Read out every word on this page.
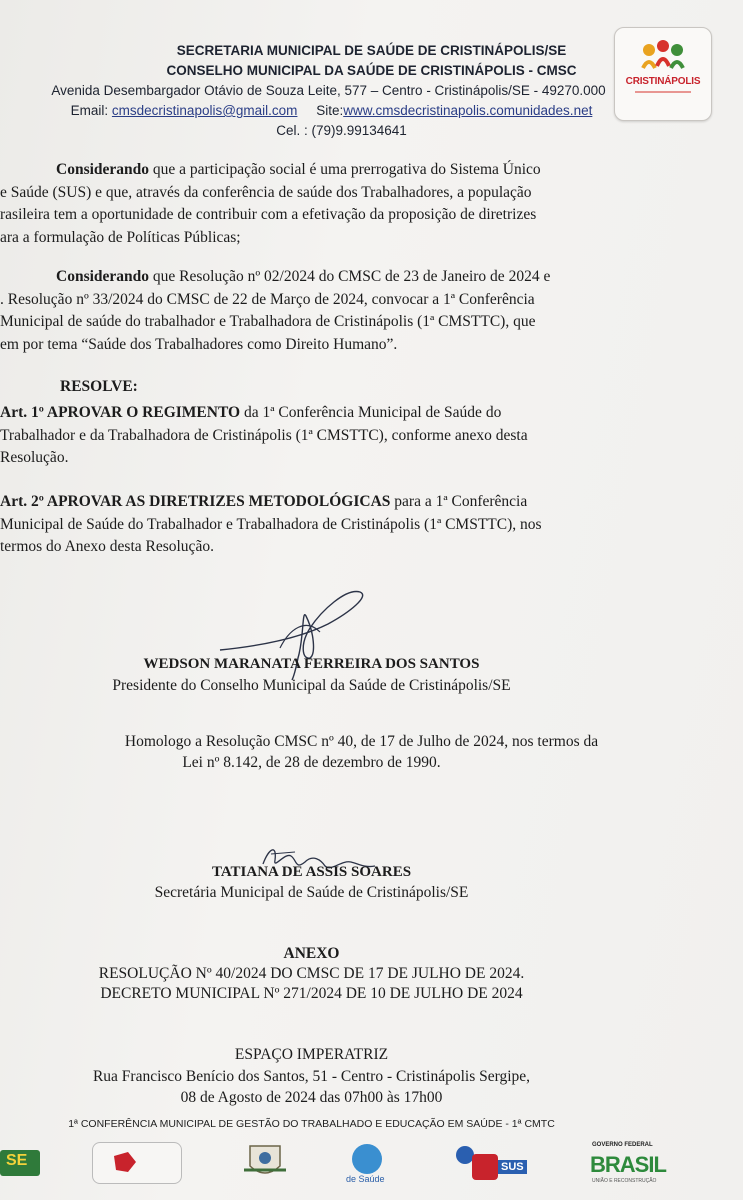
SECRETARIA MUNICIPAL DE SAÚDE DE CRISTINÁPOLIS/SE
CONSELHO MUNICIPAL DA SAÚDE DE CRISTINÁPOLIS - CMSC
Avenida Desembargador Otávio de Souza Leite, 577 – Centro - Cristinápolis/SE - 49270.000
Email: cmsdecristinapolis@gmail.com Site:www.cmsdecristinapolis.comunidades.net
Cel. : (79)9.99134641
CRISTINÁPOLIS
Considerando que a participação social é uma prerrogativa do Sistema Único
e Saúde (SUS) e que, através da conferência de saúde dos Trabalhadores, a população
rasileira tem a oportunidade de contribuir com a efetivação da proposição de diretrizes
ara a formulação de Políticas Públicas;
Considerando que Resolução nº 02/2024 do CMSC de 23 de Janeiro de 2024 e
. Resolução nº 33/2024 do CMSC de 22 de Março de 2024, convocar a 1ª Conferência
Municipal de saúde do trabalhador e Trabalhadora de Cristinápolis (1ª CMSTTC), que
em por tema “Saúde dos Trabalhadores como Direito Humano”.
RESOLVE:
Art. 1º APROVAR O REGIMENTO da 1ª Conferência Municipal de Saúde do
Trabalhador e da Trabalhadora de Cristinápolis (1ª CMSTTC), conforme anexo desta
Resolução.
Art. 2º APROVAR AS DIRETRIZES METODOLÓGICAS para a 1ª Conferência
Municipal de Saúde do Trabalhador e Trabalhadora de Cristinápolis (1ª CMSTTC), nos
termos do Anexo desta Resolução.
WEDSON MARANATA FERREIRA DOS SANTOS
Presidente do Conselho Municipal da Saúde de Cristinápolis/SE
Homologo a Resolução CMSC nº 40, de 17 de Julho de 2024, nos termos da
Lei nº 8.142, de 28 de dezembro de 1990.
TATIANA DE ASSIS SOARES
Secretária Municipal de Saúde de Cristinápolis/SE
ANEXO
RESOLUÇÃO Nº 40/2024 DO CMSC DE 17 DE JULHO DE 2024.
DECRETO MUNICIPAL Nº 271/2024 DE 10 DE JULHO DE 2024
ESPAÇO IMPERATRIZ
Rua Francisco Benício dos Santos, 51 - Centro - Cristinápolis Sergipe,
08 de Agosto de 2024 das 07h00 às 17h00
1ª CONFERÊNCIA MUNICIPAL DE GESTÃO DO TRABALHADO E EDUCAÇÃO EM SAÚDE - 1ª CMTC
SE
de Saúde
SUS
GOVERNO FEDERAL
BRASIL
UNIÃO E RECONSTRUÇÃO
